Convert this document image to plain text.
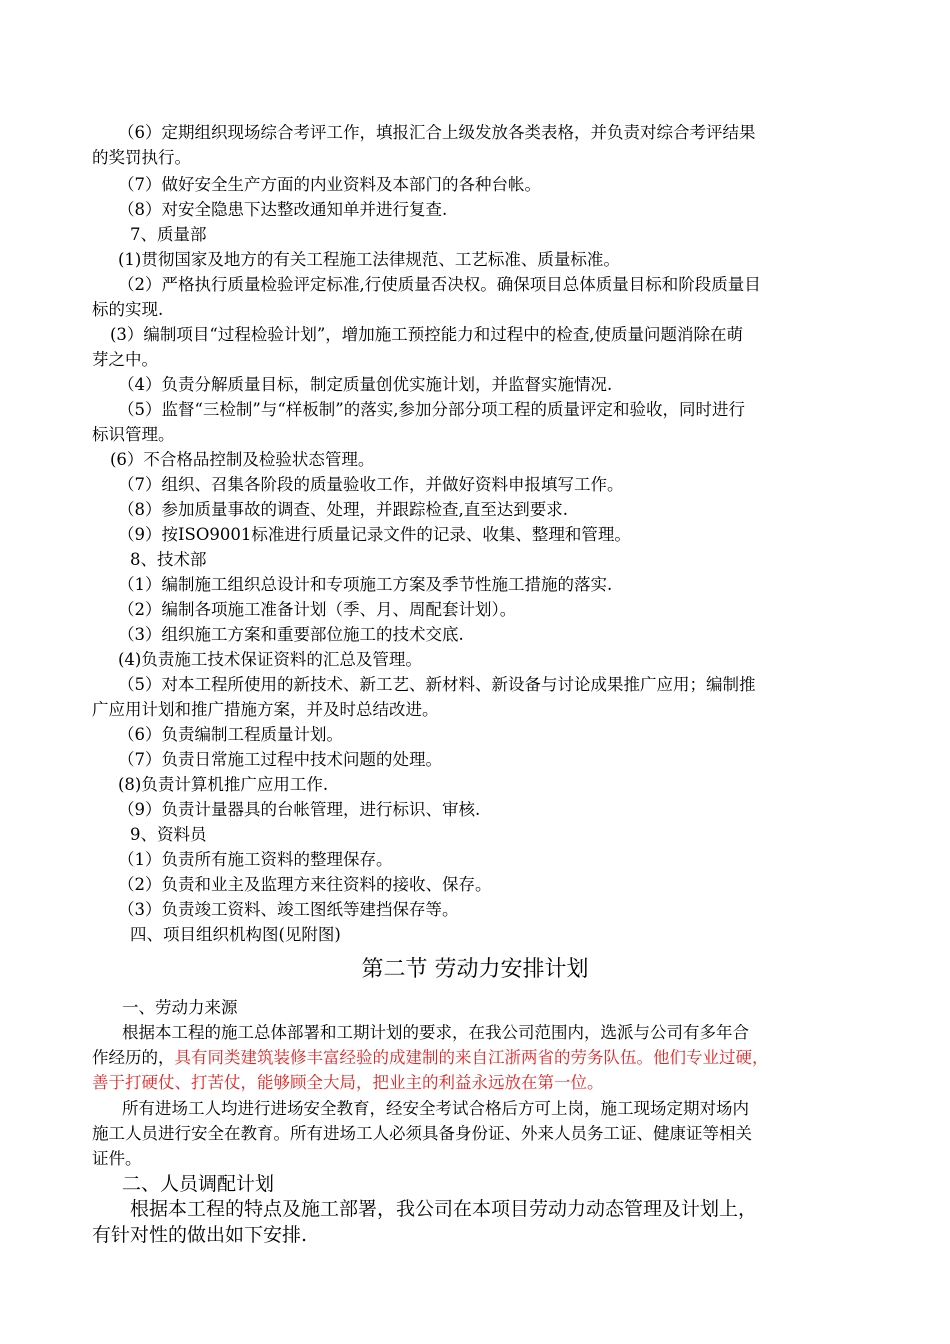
（6）定期组织现场综合考评工作，填报汇合上级发放各类表格，并负责对综合考评结果
的奖罚执行。
（7）做好安全生产方面的内业资料及本部门的各种台帐。
（8）对安全隐患下达整改通知单并进行复查.
7、质量部
(1)贯彻国家及地方的有关工程施工法律规范、工艺标准、质量标准。
（2）严格执行质量检验评定标准,行使质量否决权。确保项目总体质量目标和阶段质量目
标的实现.
(3）编制项目“过程检验计划”，增加施工预控能力和过程中的检查,使质量问题消除在萌
芽之中。
（4）负责分解质量目标，制定质量创优实施计划，并监督实施情况.
（5）监督“三检制”与“样板制”的落实,参加分部分项工程的质量评定和验收，同时进行
标识管理。
(6）不合格品控制及检验状态管理。
（7）组织、召集各阶段的质量验收工作，并做好资料申报填写工作。
（8）参加质量事故的调查、处理，并跟踪检查,直至达到要求.
（9）按ISO9001标准进行质量记录文件的记录、收集、整理和管理。
8、技术部
（1）编制施工组织总设计和专项施工方案及季节性施工措施的落实.
（2）编制各项施工准备计划（季、月、周配套计划）。
（3）组织施工方案和重要部位施工的技术交底.
(4)负责施工技术保证资料的汇总及管理。
（5）对本工程所使用的新技术、新工艺、新材料、新设备与讨论成果推广应用；编制推
广应用计划和推广措施方案，并及时总结改进。
（6）负责编制工程质量计划。
（7）负责日常施工过程中技术问题的处理。
(8)负责计算机推广应用工作.
（9）负责计量器具的台帐管理，进行标识、审核.
9、资料员
（1）负责所有施工资料的整理保存。
（2）负责和业主及监理方来往资料的接收、保存。
（3）负责竣工资料、竣工图纸等建挡保存等。
四、项目组织机构图(见附图)
第二节 劳动力安排计划
一、劳动力来源
根据本工程的施工总体部署和工期计划的要求，在我公司范围内，选派与公司有多年合
作经历的，具有同类建筑装修丰富经验的成建制的来自江浙两省的劳务队伍。他们专业过硬，
善于打硬仗、打苦仗，能够顾全大局，把业主的利益永远放在第一位。
所有进场工人均进行进场安全教育，经安全考试合格后方可上岗，施工现场定期对场内
施工人员进行安全在教育。所有进场工人必须具备身份证、外来人员务工证、健康证等相关
证件。
二、人员调配计划
根据本工程的特点及施工部署，我公司在本项目劳动力动态管理及计划上，
有针对性的做出如下安排.
